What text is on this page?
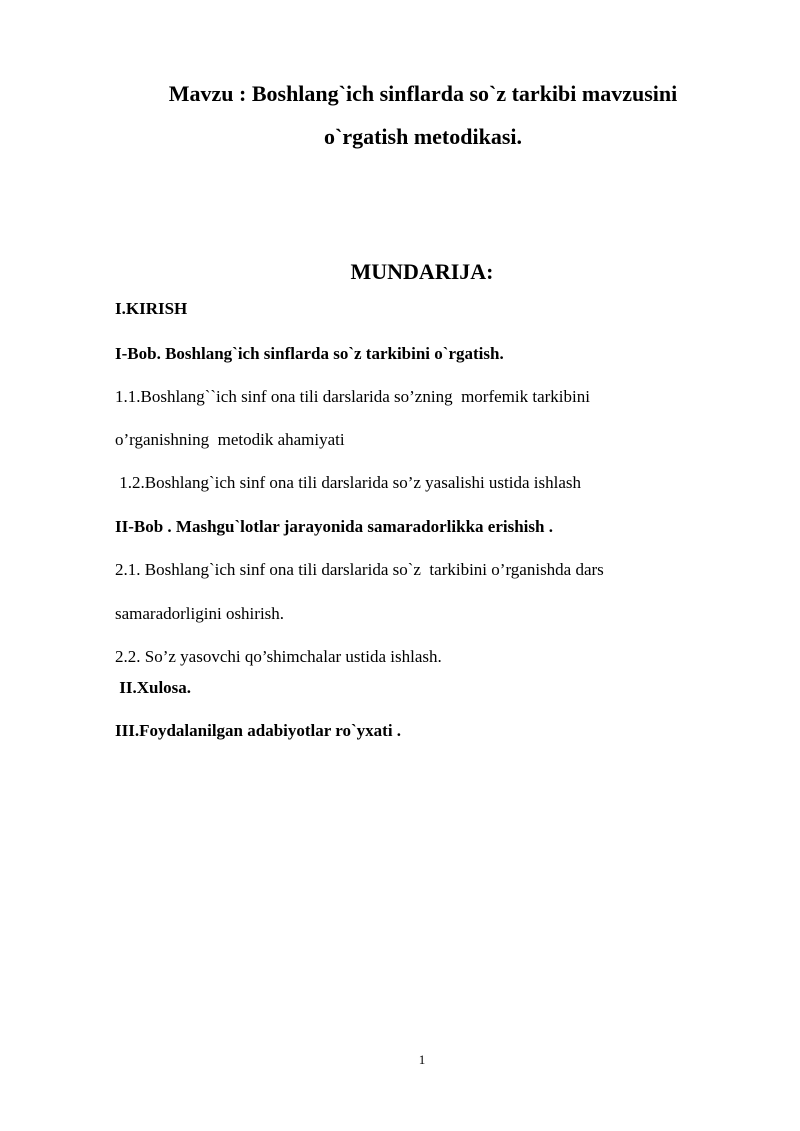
Mavzu : Boshlang`ich sinflarda so`z tarkibi mavzusini
o`rgatish metodikasi.
MUNDARIJA:
I.KIRISH
I-Bob. Boshlang`ich sinflarda so`z tarkibini o`rgatish.
1.1.Boshlang``ich sinf ona tili darslarida so’zning  morfemik tarkibini
o’rganishning  metodik ahamiyati
1.2.Boshlang`ich sinf ona tili darslarida so’z yasalishi ustida ishlash
II-Bob . Mashgu`lotlar jarayonida samaradorlikka erishish .
2.1. Boshlang`ich sinf ona tili darslarida so`z  tarkibini o’rganishda dars
samaradorligini oshirish.
2.2. So’z yasovchi qo’shimchalar ustida ishlash.
II.Xulosa.
III.Foydalanilgan adabiyotlar ro`yxati .
1
